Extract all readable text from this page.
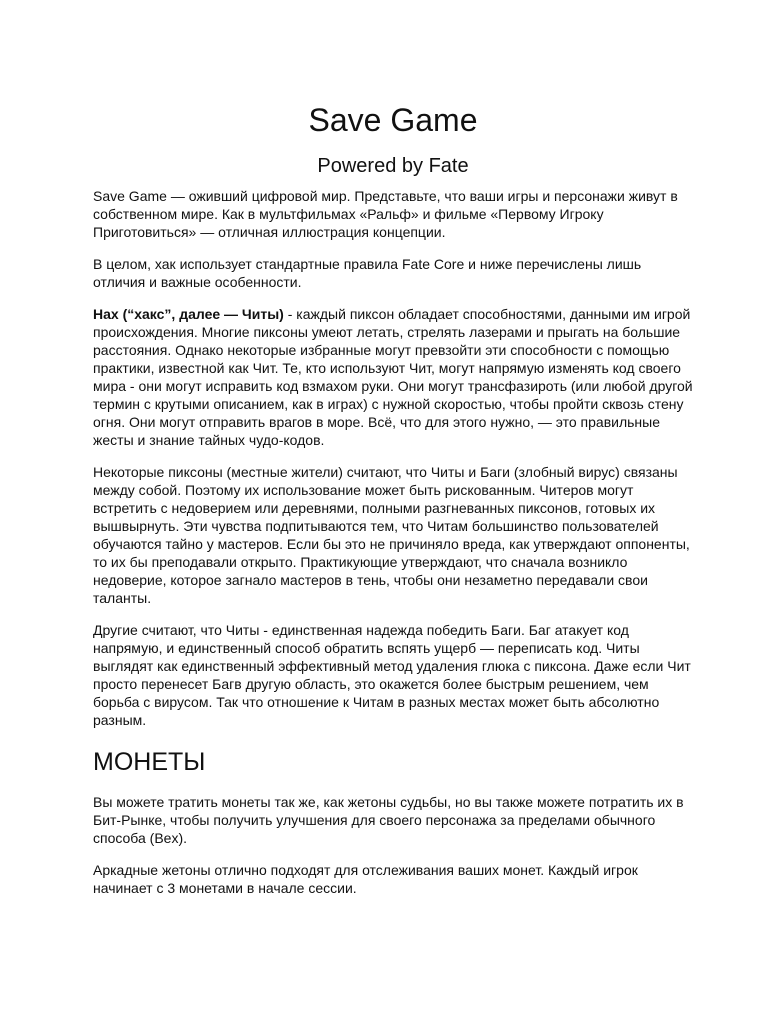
Save Game
Powered by Fate

Save Game — оживший цифровой мир. Представьте, что ваши игры и персонажи живут в собственном мире. Как в мультфильмах «Ральф» и фильме «Первому Игроку Приготовиться» — отличная иллюстрация концепции.

В целом, хак использует стандартные правила Fate Core и ниже перечислены лишь отличия и важные особенности.

Hax (“хакс”, далее — Читы) - каждый пиксон обладает способностями, данными им игрой происхождения. Многие пиксоны умеют летать, стрелять лазерами и прыгать на большие расстояния. Однако некоторые избранные могут превзойти эти способности с помощью практики, известной как Чит. Те, кто используют Чит, могут напрямую изменять код своего мира - они могут исправить код взмахом руки. Они могут трансфазироть (или любой другой термин с крутыми описанием, как в играх) с нужной скоростью, чтобы пройти сквозь стену огня. Они могут отправить врагов в море. Всё, что для этого нужно, — это правильные жесты и знание тайных чудо-кодов.

Некоторые пиксоны (местные жители) считают, что Читы и Баги (злобный вирус) связаны между собой. Поэтому их использование может быть рискованным. Читеров могут встретить с недоверием или деревнями, полными разгневанных пиксонов, готовых их вышвырнуть. Эти чувства подпитываются тем, что Читам большинство пользователей обучаются тайно у мастеров. Если бы это не причиняло вреда, как утверждают оппоненты, то их бы преподавали открыто. Практикующие утверждают, что сначала возникло недоверие, которое загнало мастеров в тень, чтобы они незаметно передавали свои таланты.

Другие считают, что Читы - единственная надежда победить Баги. Баг атакует код напрямую, и единственный способ обратить вспять ущерб — переписать код. Читы выглядят как единственный эффективный метод удаления глюка с пиксона. Даже если Чит просто перенесет Багв другую область, это окажется более быстрым решением, чем борьба с вирусом. Так что отношение к Читам в разных местах может быть абсолютно разным.

МОНЕТЫ

Вы можете тратить монеты так же, как жетоны судьбы, но вы также можете потратить их в Бит-Рынке, чтобы получить улучшения для своего персонажа за пределами обычного способа (Bex).

Аркадные жетоны отлично подходят для отслеживания ваших монет. Каждый игрок начинает с 3 монетами в начале сессии.
